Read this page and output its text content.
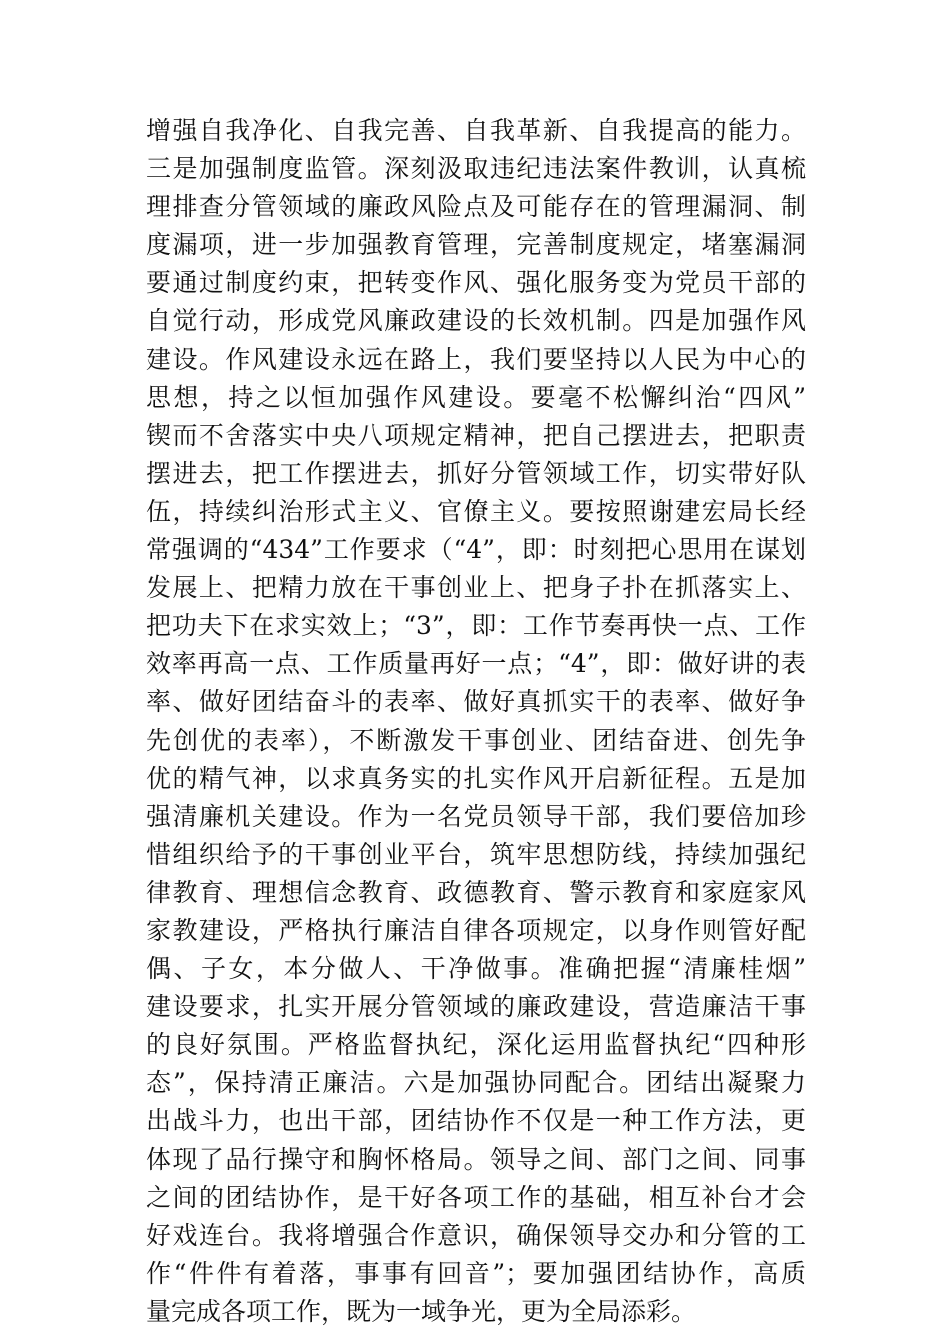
增强自我净化、自我完善、自我革新、自我提高的能力。
三是加强制度监管。深刻汲取违纪违法案件教训，认真梳
理排查分管领域的廉政风险点及可能存在的管理漏洞、制
度漏项，进一步加强教育管理，完善制度规定，堵塞漏洞
要通过制度约束，把转变作风、强化服务变为党员干部的
自觉行动，形成党风廉政建设的长效机制。四是加强作风
建设。作风建设永远在路上，我们要坚持以人民为中心的
思想，持之以恒加强作风建设。要毫不松懈纠治“四风”
锲而不舍落实中央八项规定精神，把自己摆进去，把职责
摆进去，把工作摆进去，抓好分管领域工作，切实带好队
伍，持续纠治形式主义、官僚主义。要按照谢建宏局长经
常强调的“434”工作要求（“4”，即：时刻把心思用在谋划
发展上、把精力放在干事创业上、把身子扑在抓落实上、
把功夫下在求实效上；“3”，即：工作节奏再快一点、工作
效率再高一点、工作质量再好一点；“4”，即：做好讲的表
率、做好团结奋斗的表率、做好真抓实干的表率、做好争
先创优的表率），不断激发干事创业、团结奋进、创先争
优的精气神，以求真务实的扎实作风开启新征程。五是加
强清廉机关建设。作为一名党员领导干部，我们要倍加珍
惜组织给予的干事创业平台，筑牢思想防线，持续加强纪
律教育、理想信念教育、政德教育、警示教育和家庭家风
家教建设，严格执行廉洁自律各项规定，以身作则管好配
偶、子女，本分做人、干净做事。准确把握“清廉桂烟”
建设要求，扎实开展分管领域的廉政建设，营造廉洁干事
的良好氛围。严格监督执纪，深化运用监督执纪“四种形
态”，保持清正廉洁。六是加强协同配合。团结出凝聚力
出战斗力，也出干部，团结协作不仅是一种工作方法，更
体现了品行操守和胸怀格局。领导之间、部门之间、同事
之间的团结协作，是干好各项工作的基础，相互补台才会
好戏连台。我将增强合作意识，确保领导交办和分管的工
作“件件有着落，事事有回音”；要加强团结协作，高质
量完成各项工作，既为一域争光，更为全局添彩。
